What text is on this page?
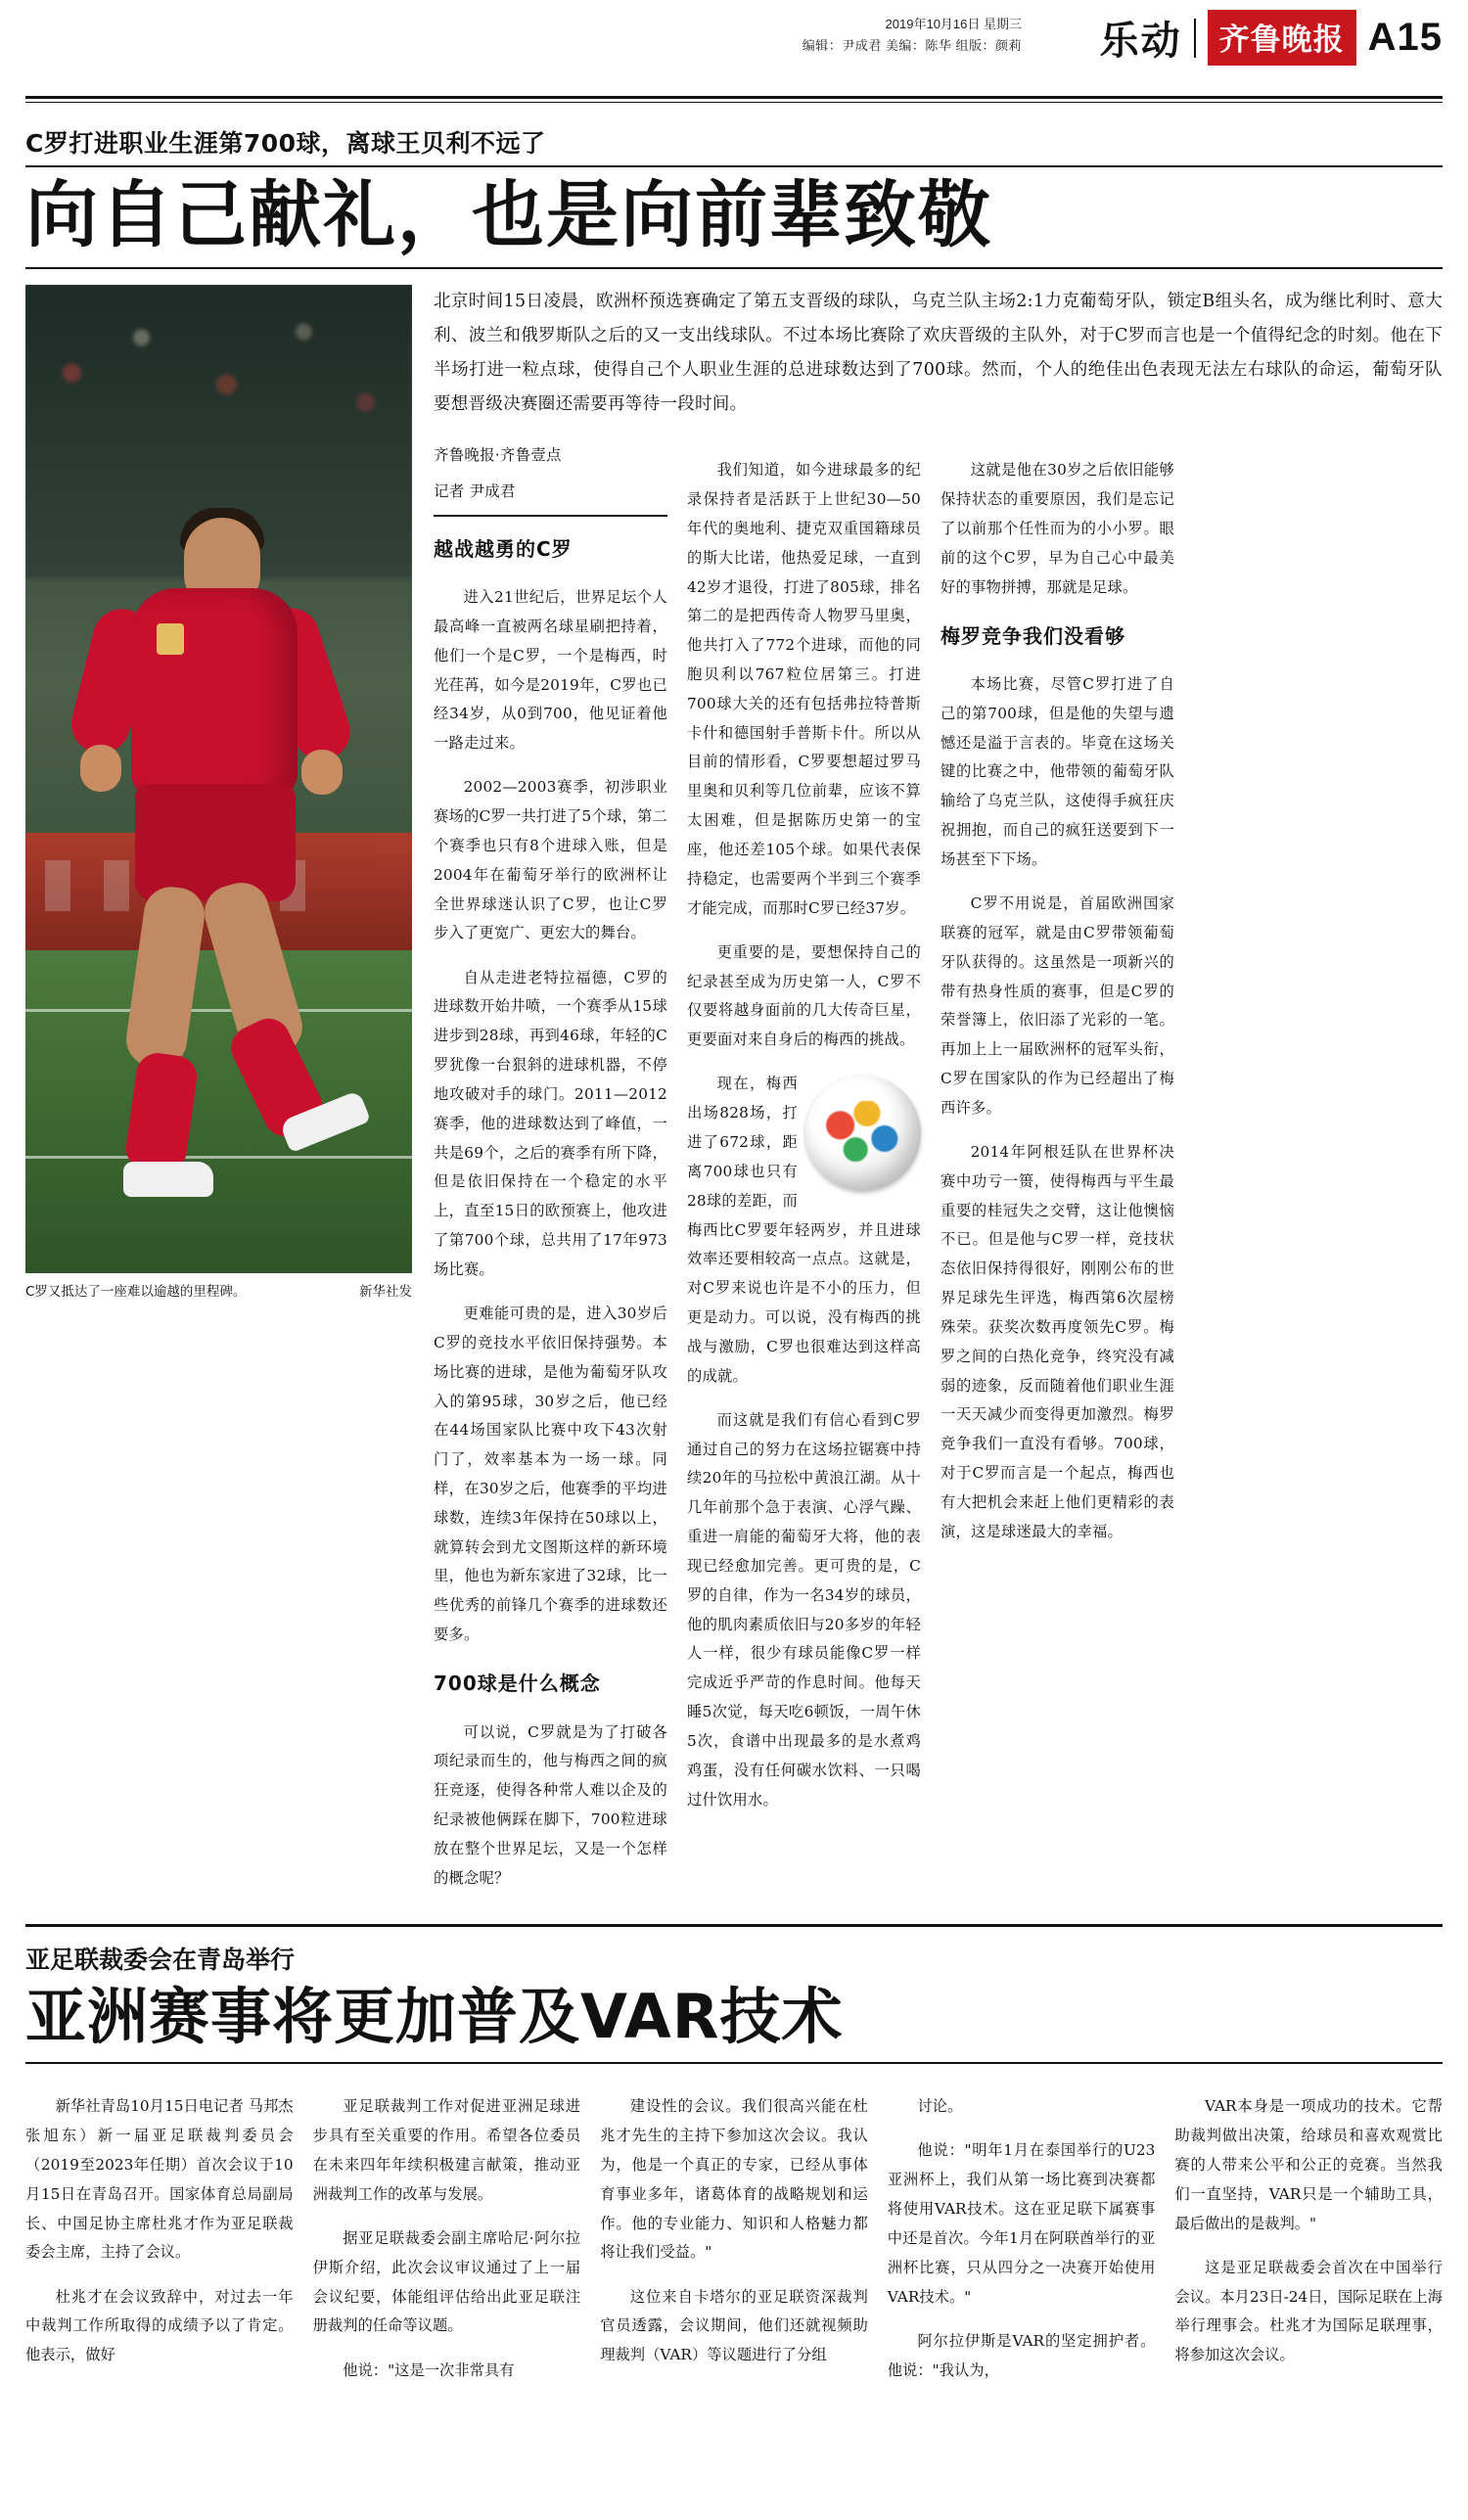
2019年10月16日 星期三
编辑：尹成君 美编：陈华 组版：颜莉 乐动	齐鲁晚报 A15
C罗打进职业生涯第700球，离球王贝利不远了
向自己献礼，也是向前辈致敬
C罗又抵达了一座难以逾越的里程碑。	新华社发
北京时间15日凌晨，欧洲杯预选赛确定了第五支晋级的球队，乌克兰队主场2:1力克葡萄牙队，锁定B组头名，成为继比利时、意大利、波兰和俄罗斯队之后的又一支出线球队。不过本场比赛除了欢庆晋级的主队外，对于C罗而言也是一个值得纪念的时刻。他在下半场打进一粒点球，使得自己个人职业生涯的总进球数达到了700球。然而，个人的绝佳出色表现无法左右球队的命运，葡萄牙队要想晋级决赛圈还需要再等待一段时间。
齐鲁晚报·齐鲁壹点
记者 尹成君
越战越勇的C罗

进入21世纪后，世界足坛个人最高峰一直被两名球星刷把持着，他们一个是C罗，一个是梅西，时光荏苒，如今是2019年，C罗也已经34岁，从0到700，他见证着他一路走过来。

2002—2003赛季，初涉职业赛场的C罗一共打进了5个球，第二个赛季也只有8个进球入账，但是2004年在葡萄牙举行的欧洲杯让全世界球迷认识了C罗，也让C罗步入了更宽广、更宏大的舞台。

自从走进老特拉福德，C罗的进球数开始井喷，一个赛季从15球进步到28球，再到46球，年轻的C罗犹像一台狠斜的进球机器，不停地攻破对手的球门。2011—2012赛季，他的进球数达到了峰值，一共是69个，之后的赛季有所下降，但是依旧保持在一个稳定的水平上，直至15日的欧预赛上，他攻进了第700个球，总共用了17年973场比赛。

更难能可贵的是，进入30岁后C罗的竞技水平依旧保持强势。本场比赛的进球，是他为葡萄牙队攻入的第95球，30岁之后，他已经在44场国家队比赛中攻下43次射门了，效率基本为一场一球。同样，在30岁之后，他赛季的平均进球数，连续3年保持在50球以上，就算转会到尤文图斯这样的新环境里，他也为新东家进了32球，比一些优秀的前锋几个赛季的进球数还要多。

700球是什么概念

可以说，C罗就是为了打破各项纪录而生的，他与梅西之间的疯狂竞逐，使得各种常人难以企及的纪录被他俩踩在脚下，700粒进球放在整个世界足坛，又是一个怎样的概念呢？

我们知道，如今进球最多的纪录保持者是活跃于上世纪30—50年代的奥地利、捷克双重国籍球员的斯大比诺，他热爱足球，一直到42岁才退役，打进了805球，排名第二的是把西传奇人物罗马里奥，他共打入了772个进球，而他的同胞贝利以767粒位居第三。打进700球大关的还有包括弗拉特普斯卡什和德国射手普斯卡什。所以从目前的情形看，C罗要想超过罗马里奥和贝利等几位前辈，应该不算太困难，但是据陈历史第一的宝座，他还差105个球。如果代表保持稳定，也需要两个半到三个赛季才能完成，而那时C罗已经37岁。

更重要的是，要想保持自己的纪录甚至成为历史第一人，C罗不仅要将越身面前的几大传奇巨星，更要面对来自身后的梅西的挑战。

现在，梅西出场828场，打进了672球，距离700球也只有28球的差距，而梅西比C罗要年轻两岁，并且进球效率还要相较高一点点。这就是，对C罗来说也许是不小的压力，但更是动力。可以说，没有梅西的挑战与激励，C罗也很难达到这样高的成就。

而这就是我们有信心看到C罗通过自己的努力在这场拉锯赛中持续20年的马拉松中黄浪江湖。从十几年前那个急于表演、心浮气躁、重进一肩能的葡萄牙大将，他的表现已经愈加完善。更可贵的是，C罗的自律，作为一名34岁的球员，他的肌肉素质依旧与20多岁的年轻人一样，很少有球员能像C罗一样完成近乎严苛的作息时间。他每天睡5次觉，每天吃6顿饭，一周午休5次，食谱中出现最多的是水煮鸡鸡蛋，没有任何碳水饮料、一只喝过什饮用水。

这就是他在30岁之后依旧能够保持状态的重要原因，我们是忘记了以前那个任性而为的小小罗。眼前的这个C罗，早为自己心中最美好的事物拼搏，那就是足球。

梅罗竞争我们没看够

本场比赛，尽管C罗打进了自己的第700球，但是他的失望与遗憾还是溢于言表的。毕竟在这场关键的比赛之中，他带领的葡萄牙队输给了乌克兰队，这使得手疯狂庆祝拥抱，而自己的疯狂送要到下一场甚至下下场。

C罗不用说是，首届欧洲国家联赛的冠军，就是由C罗带领葡萄牙队获得的。这虽然是一项新兴的带有热身性质的赛事，但是C罗的荣誉簿上，依旧添了光彩的一笔。再加上上一届欧洲杯的冠军头衔，C罗在国家队的作为已经超出了梅西许多。

2014年阿根廷队在世界杯决赛中功亏一篑，使得梅西与平生最重要的桂冠失之交臂，这让他懊恼不已。但是他与C罗一样，竞技状态依旧保持得很好，刚刚公布的世界足球先生评选，梅西第6次屋榜殊荣。获奖次数再度领先C罗。梅罗之间的白热化竞争，终究没有减弱的迹象，反而随着他们职业生涯一天天减少而变得更加激烈。梅罗竞争我们一直没有看够。700球，对于C罗而言是一个起点，梅西也有大把机会来赶上他们更精彩的表演，这是球迷最大的幸福。

亚足联裁委会在青岛举行
亚洲赛事将更加普及VAR技术

新华社青岛10月15日电记者 马邦杰 张旭东）新一届亚足联裁判委员会（2019至2023年任期）首次会议于10月15日在青岛召开。国家体育总局副局长、中国足协主席杜兆才作为亚足联裁委会主席，主持了会议。

杜兆才在会议致辞中，对过去一年中裁判工作所取得的成绩予以了肯定。他表示，做好

亚足联裁判工作对促进亚洲足球进步具有至关重要的作用。希望各位委员在未来四年年续积极建言献策，推动亚洲裁判工作的改革与发展。

据亚足联裁委会副主席哈尼·阿尔拉伊斯介绍，此次会议审议通过了上一届会议纪要，体能组评估给出此亚足联注册裁判的任命等议题。

他说："这是一次非常具有

建设性的会议。我们很高兴能在杜兆才先生的主持下参加这次会议。我认为，他是一个真正的专家，已经从事体育事业多年，诸葛体育的战略规划和运作。他的专业能力、知识和人格魅力都将让我们受益。"

这位来自卡塔尔的亚足联资深裁判官员透露，会议期间，他们还就视频助理裁判（VAR）等议题进行了分组

讨论。

他说："明年1月在泰国举行的U23亚洲杯上，我们从第一场比赛到决赛都将使用VAR技术。这在亚足联下属赛事中还是首次。今年1月在阿联酋举行的亚洲杯比赛，只从四分之一决赛开始使用VAR技术。"

阿尔拉伊斯是VAR的坚定拥护者。他说："我认为，

VAR本身是一项成功的技术。它帮助裁判做出决策，给球员和喜欢观赏比赛的人带来公平和公正的竞赛。当然我们一直坚持，VAR只是一个辅助工具，最后做出的是裁判。"

这是亚足联裁委会首次在中国举行会议。本月23日-24日，国际足联在上海举行理事会。杜兆才为国际足联理事，将参加这次会议。
